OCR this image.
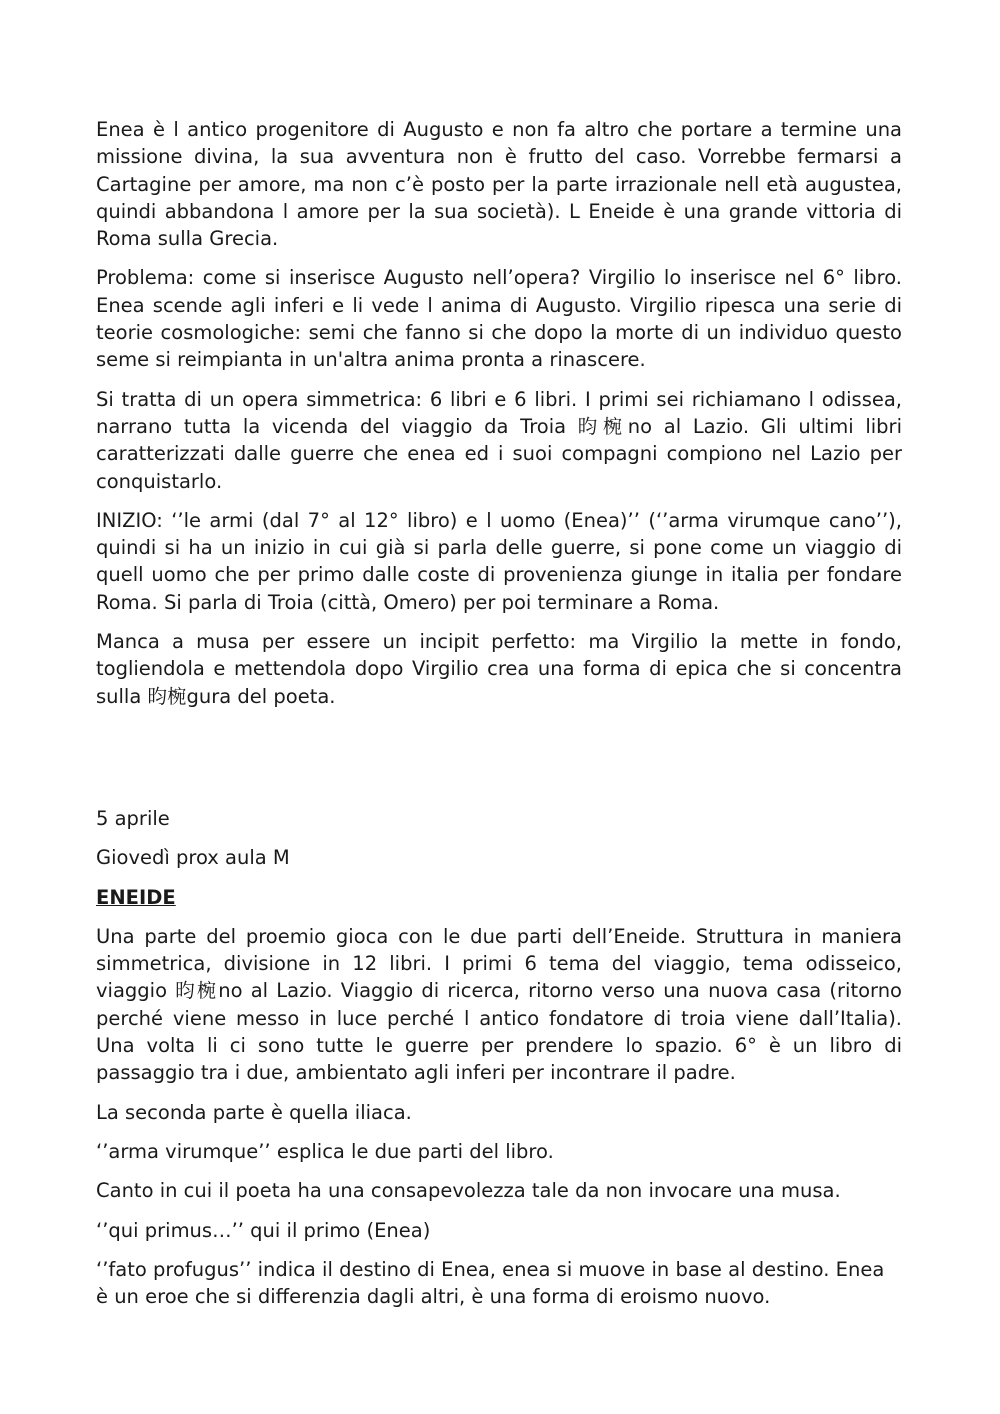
Enea è l antico progenitore di Augusto e non fa altro che portare a termine una missione divina, la sua avventura non è frutto del caso. Vorrebbe fermarsi a Cartagine per amore, ma non c’è posto per la parte irrazionale nell età augustea, quindi abbandona l amore per la sua società). L Eneide è una grande vittoria di Roma sulla Grecia.

Problema: come si inserisce Augusto nell’opera? Virgilio lo inserisce nel 6° libro. Enea scende agli inferi e li vede l anima di Augusto. Virgilio ripesca una serie di teorie cosmologiche: semi che fanno si che dopo la morte di un individuo questo seme si reimpianta in un'altra anima pronta a rinascere.

Si tratta di un opera simmetrica: 6 libri e 6 libri. I primi sei richiamano l odissea, narrano tutta la vicenda del viaggio da Troia 昀椀no al Lazio. Gli ultimi libri caratterizzati dalle guerre che enea ed i suoi compagni compiono nel Lazio per conquistarlo.

INIZIO: ‘’le armi (dal 7° al 12° libro) e l uomo (Enea)’’ (‘’arma virumque cano’’), quindi si ha un inizio in cui già si parla delle guerre, si pone come un viaggio di quell uomo che per primo dalle coste di provenienza giunge in italia per fondare Roma. Si parla di Troia (città, Omero) per poi terminare a Roma.

Manca a musa per essere un incipit perfetto: ma Virgilio la mette in fondo, togliendola e mettendola dopo Virgilio crea una forma di epica che si concentra sulla 昀椀gura del poeta.

5 aprile

Giovedì prox aula M

ENEIDE

Una parte del proemio gioca con le due parti dell’Eneide. Struttura in maniera simmetrica, divisione in 12 libri. I primi 6 tema del viaggio, tema odisseico, viaggio 昀椀no al Lazio. Viaggio di ricerca, ritorno verso una nuova casa (ritorno perché viene messo in luce perché l antico fondatore di troia viene dall’Italia). Una volta li ci sono tutte le guerre per prendere lo spazio. 6° è un libro di passaggio tra i due, ambientato agli inferi per incontrare il padre.

La seconda parte è quella iliaca.

‘’arma virumque’’ esplica le due parti del libro.

Canto in cui il poeta ha una consapevolezza tale da non invocare una musa.

‘’qui primus…’’ qui il primo (Enea)

‘’fato profugus’’ indica il destino di Enea, enea si muove in base al destino. Enea è un eroe che si differenzia dagli altri, è una forma di eroismo nuovo.
